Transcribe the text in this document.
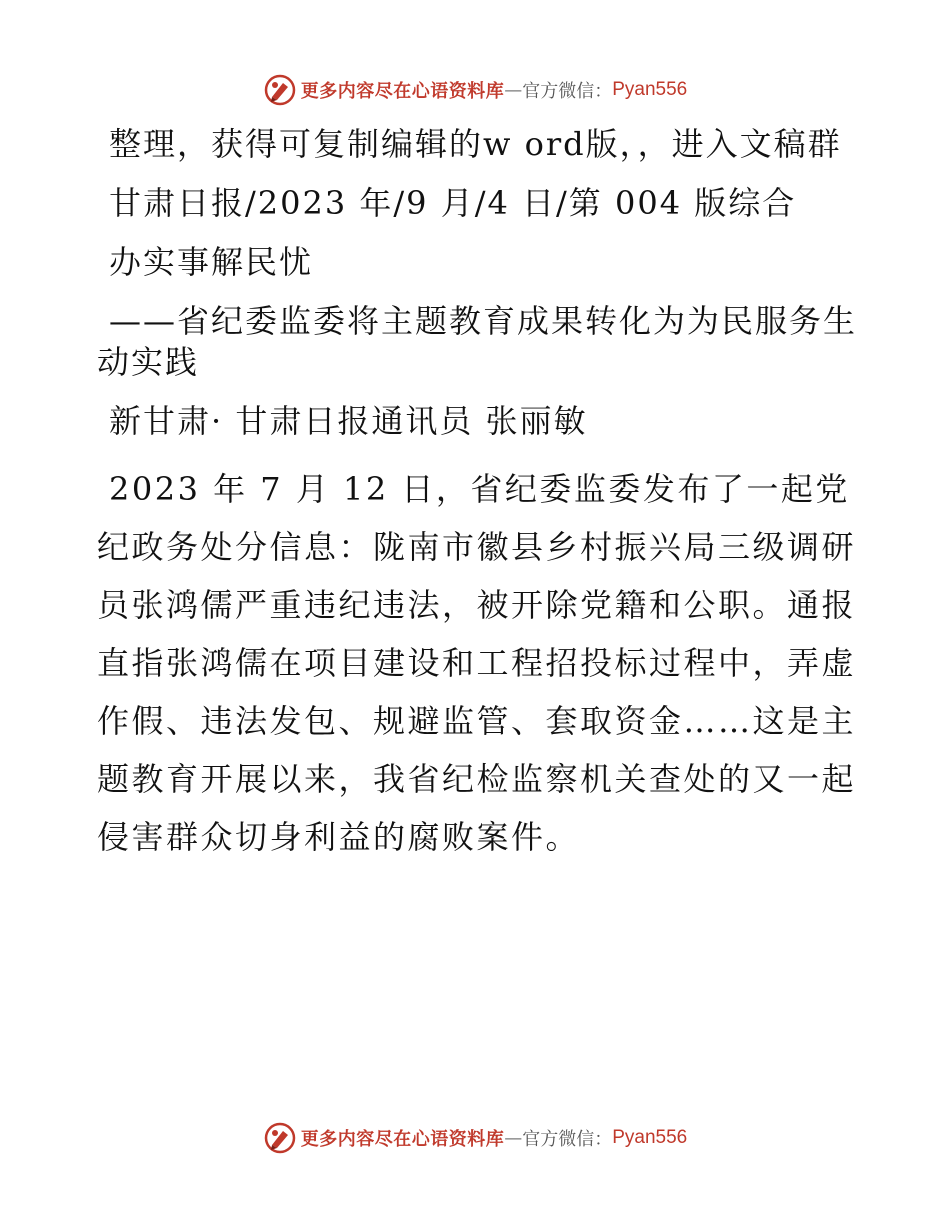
更多内容尽在心语资料库 — 官方微信： Pyan556

整理，获得可复制编辑的w ord版，，进入文稿群

甘肃日报/2023 年/9 月/4 日/第 004 版综合

办实事解民忧

——省纪委监委将主题教育成果转化为为民服务生动实践

新甘肃· 甘肃日报通讯员 张丽敏

2023 年 7 月 12 日，省纪委监委发布了一起党纪政务处分信息：陇南市徽县乡村振兴局三级调研员张鸿儒严重违纪违法，被开除党籍和公职。通报直指张鸿儒在项目建设和工程招投标过程中，弄虚作假、违法发包、规避监管、套取资金……这是主题教育开展以来，我省纪检监察机关查处的又一起侵害群众切身利益的腐败案件。

更多内容尽在心语资料库 — 官方微信： Pyan556
